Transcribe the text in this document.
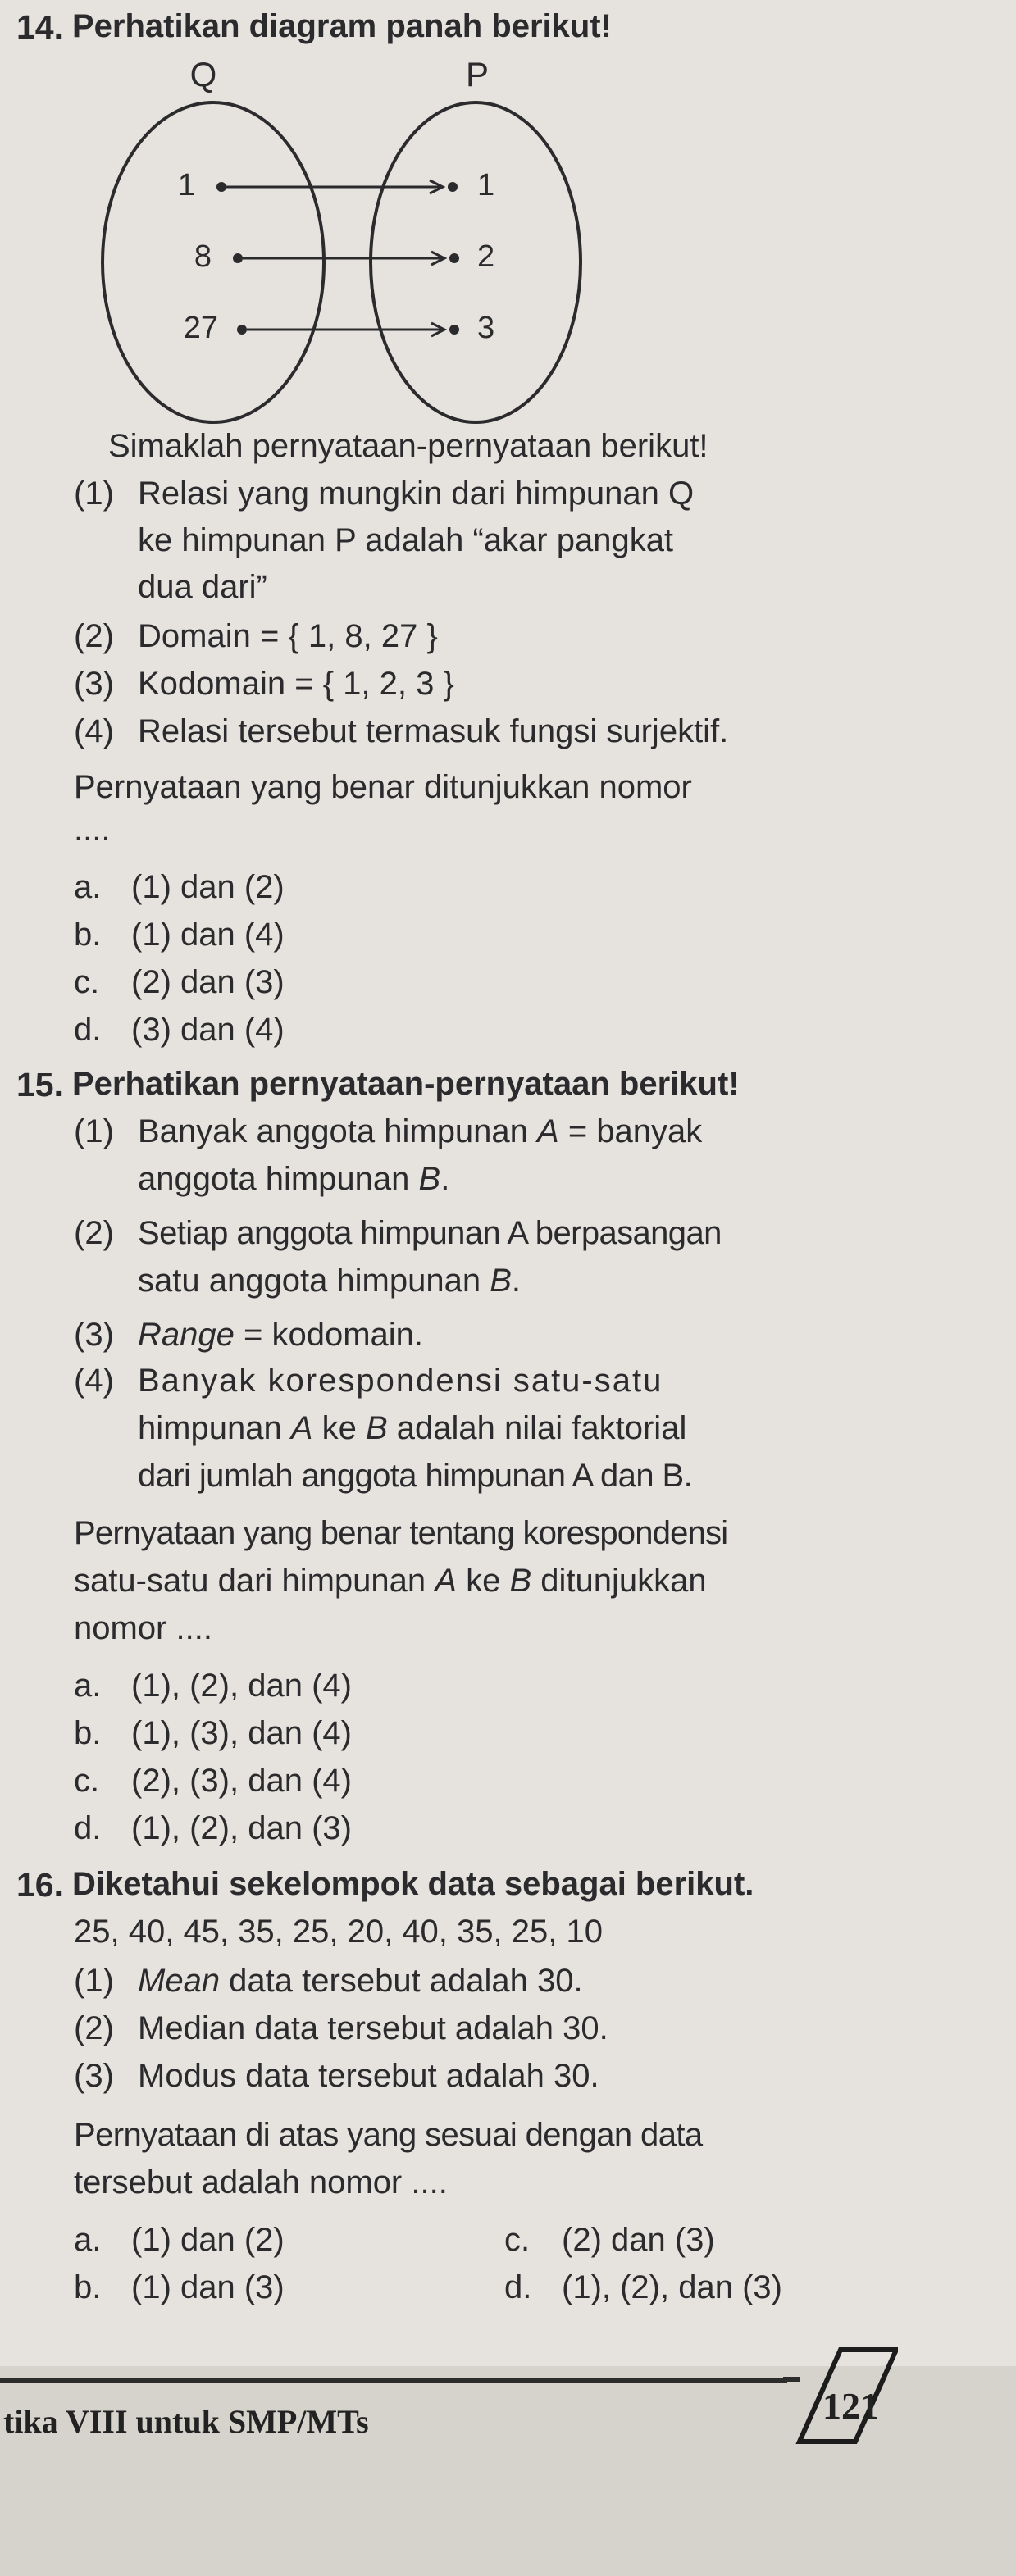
14. Perhatikan diagram panah berikut!
Q	P
1
8
27
1
2
3
Simaklah pernyataan-pernyataan berikut!
(1) Relasi yang mungkin dari himpunan Q
ke himpunan P adalah “akar pangkat
dua dari”
(2) Domain = { 1, 8, 27 }
(3) Kodomain = { 1, 2, 3 }
(4) Relasi tersebut termasuk fungsi surjektif.
Pernyataan yang benar ditunjukkan nomor
....
a. (1) dan (2)
b. (1) dan (4)
c. (2) dan (3)
d. (3) dan (4)
15. Perhatikan pernyataan-pernyataan berikut!
(1) Banyak anggota himpunan A = banyak
anggota himpunan B.
(2) Setiap anggota himpunan A berpasangan
satu anggota himpunan B.
(3) Range = kodomain.
(4) Banyak korespondensi satu-satu
himpunan A ke B adalah nilai faktorial
dari jumlah anggota himpunan A dan B.
Pernyataan yang benar tentang korespondensi
satu-satu dari himpunan A ke B ditunjukkan
nomor ....
a. (1), (2), dan (4)
b. (1), (3), dan (4)
c. (2), (3), dan (4)
d. (1), (2), dan (3)
16. Diketahui sekelompok data sebagai berikut.
25, 40, 45, 35, 25, 20, 40, 35, 25, 10
(1) Mean data tersebut adalah 30.
(2) Median data tersebut adalah 30.
(3) Modus data tersebut adalah 30.
Pernyataan di atas yang sesuai dengan data
tersebut adalah nomor ....
a. (1) dan (2)	c. (2) dan (3)
b. (1) dan (3)	d. (1), (2), dan (3)
tika VIII untuk SMP/MTs	121
